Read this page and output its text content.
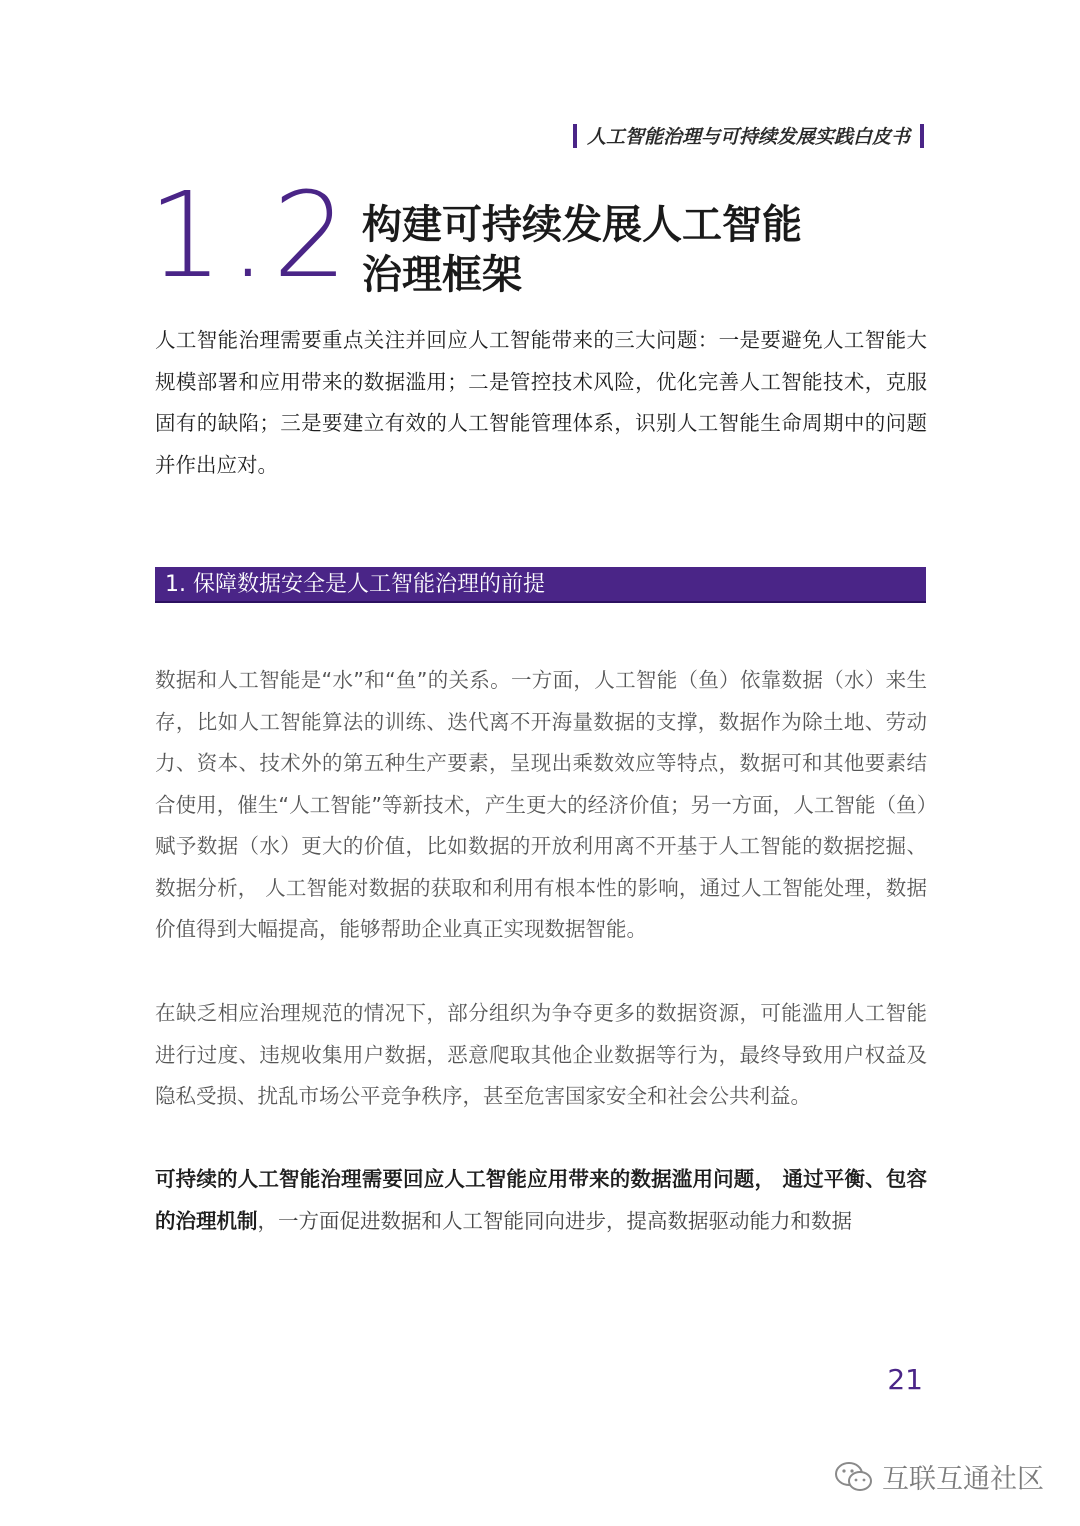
人工智能治理与可持续发展实践白皮书
1.2 构建可持续发展人工智能
治理框架
人工智能治理需要重点关注并回应人工智能带来的三大问题：一是要避免人工智能大规模部署和应用带来的数据滥用；二是管控技术风险，优化完善人工智能技术，克服固有的缺陷；三是要建立有效的人工智能管理体系，识别人工智能生命周期中的问题并作出应对。
1. 保障数据安全是人工智能治理的前提
数据和人工智能是“水”和“鱼”的关系。一方面，人工智能（鱼）依靠数据（水）来生存，比如人工智能算法的训练、迭代离不开海量数据的支撑，数据作为除土地、劳动力、资本、技术外的第五种生产要素，呈现出乘数效应等特点，数据可和其他要素结合使用，催生“人工智能”等新技术，产生更大的经济价值；另一方面，人工智能（鱼）赋予数据（水）更大的价值，比如数据的开放利用离不开基于人工智能的数据挖掘、 数据分析， 人工智能对数据的获取和利用有根本性的影响，通过人工智能处理，数据价值得到大幅提高，能够帮助企业真正实现数据智能。
在缺乏相应治理规范的情况下，部分组织为争夺更多的数据资源，可能滥用人工智能进行过度、违规收集用户数据，恶意爬取其他企业数据等行为，最终导致用户权益及隐私受损、扰乱市场公平竞争秩序，甚至危害国家安全和社会公共利益。
可持续的人工智能治理需要回应人工智能应用带来的数据滥用问题， 通过平衡、包容的治理机制，一方面促进数据和人工智能同向进步，提高数据驱动能力和数据
21
互联互通社区
